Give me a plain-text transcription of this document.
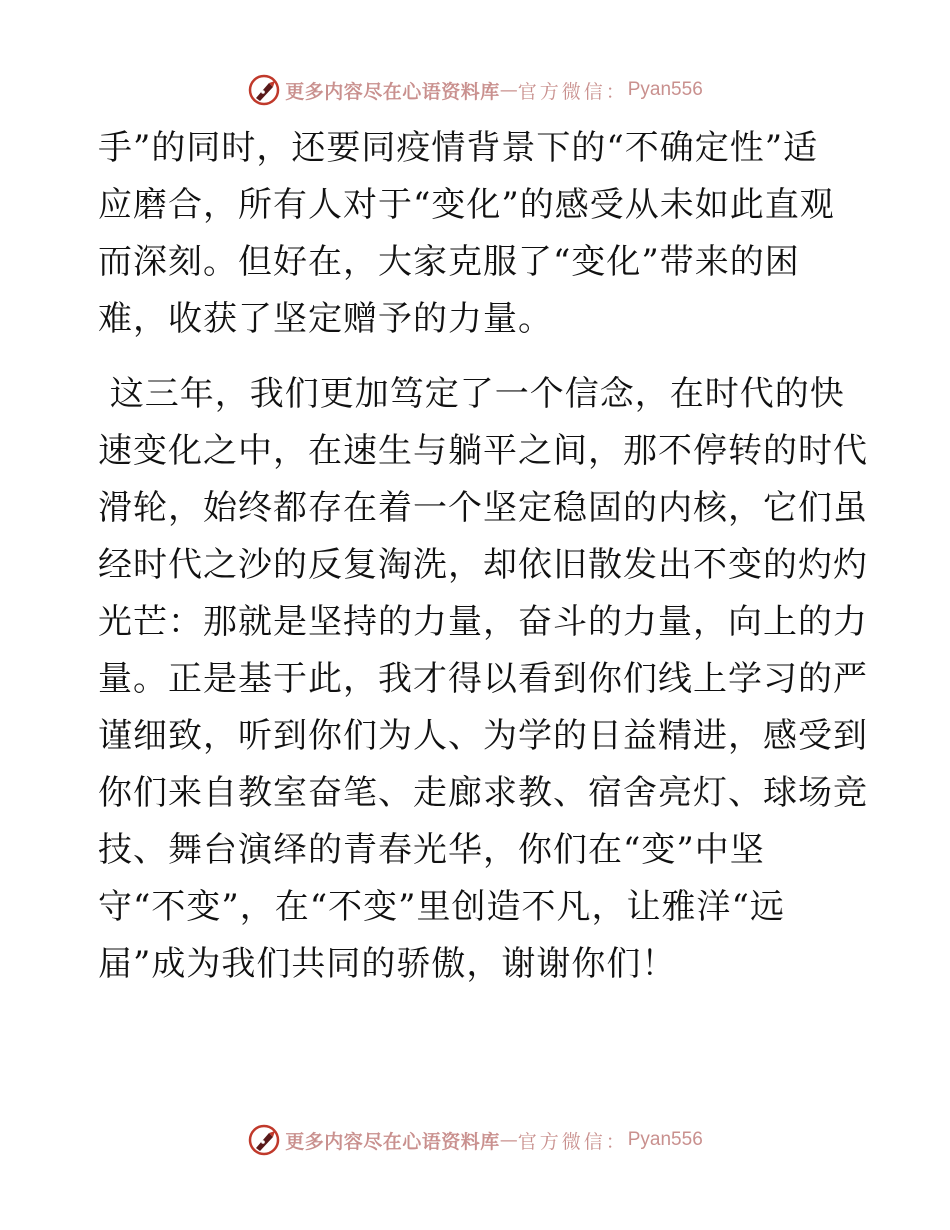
更多内容尽在心语资料库 — 官方微信： Pyan556
手”的同时，还要同疫情背景下的“不确定性”适
应磨合，所有人对于“变化”的感受从未如此直观
而深刻。但好在，大家克服了“变化”带来的困
难，收获了坚定赠予的力量。
这三年，我们更加笃定了一个信念，在时代的快
速变化之中，在速生与躺平之间，那不停转的时代
滑轮，始终都存在着一个坚定稳固的内核，它们虽
经时代之沙的反复淘洗，却依旧散发出不变的灼灼
光芒：那就是坚持的力量，奋斗的力量，向上的力
量。正是基于此，我才得以看到你们线上学习的严
谨细致，听到你们为人、为学的日益精进，感受到
你们来自教室奋笔、走廊求教、宿舍亮灯、球场竞
技、舞台演绎的青春光华，你们在“变”中坚
守“不变”，在“不变”里创造不凡，让雅洋“远
届”成为我们共同的骄傲，谢谢你们！
更多内容尽在心语资料库 — 官方微信： Pyan556
